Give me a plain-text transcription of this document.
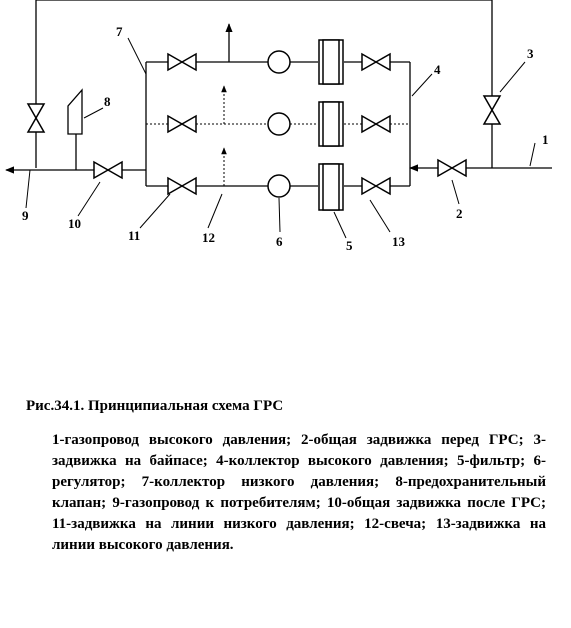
1
2
3
4
5
6
7
8
9
10
11	12	13
Рис.34.1. Принципиальная схема ГРС
1-газопровод высокого давления; 2-общая задвижка перед ГРС; 3-задвижка на байпасе; 4-коллектор высокого давления; 5-фильтр; 6-регулятор; 7-коллектор низкого давления; 8-предохранительный клапан; 9-газопровод к потребителям; 10-общая задвижка после ГРС; 11-задвижка на линии низкого давления; 12-свеча; 13-задвижка на линии высокого давления.
